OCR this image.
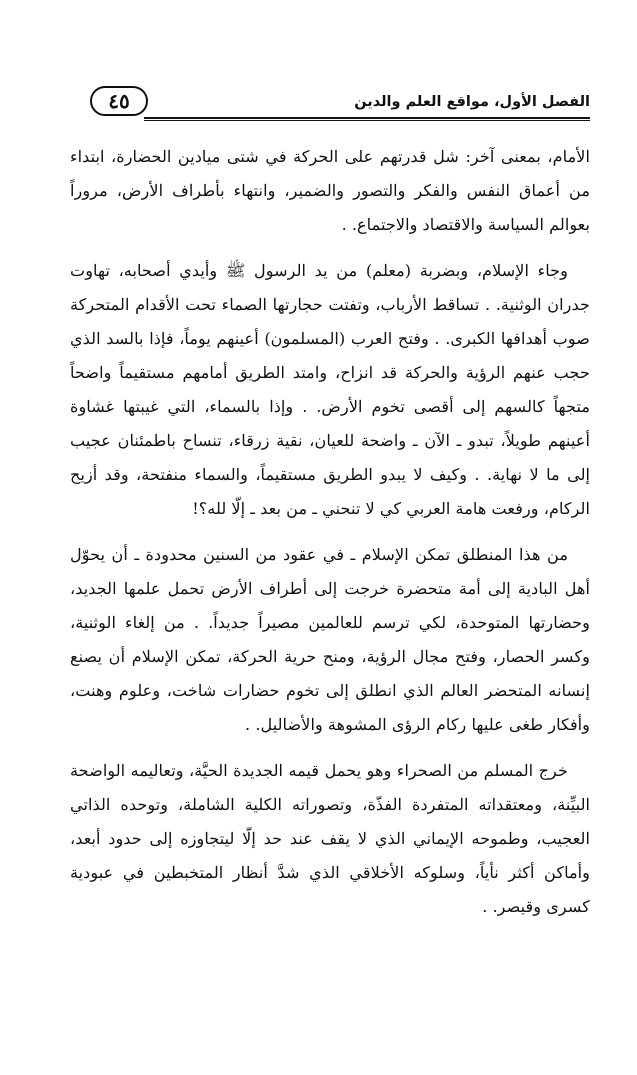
٤٥	الفصل الأول، مواقع العلم والدين

الأمام، بمعنى آخر: شل قدرتهم على الحركة في شتى ميادين الحضارة، ابتداء من أعماق النفس والفكر والتصور والضمير، وانتهاء بأطراف الأرض، مروراً بعوالم السياسة والاقتصاد والاجتماع. .

وجاء الإسلام، وبضربة (معلم) من يد الرسول ﷺ وأيدي أصحابه، تهاوت جدران الوثنية. . تساقط الأرباب، وتفتت حجارتها الصماء تحت الأقدام المتحركة صوب أهدافها الكبرى. . وفتح العرب (المسلمون) أعينهم يوماً، فإذا بالسد الذي حجب عنهم الرؤية والحركة قد انزاح، وامتد الطريق أمامهم مستقيماً واضحاً متجهاً كالسهم إلى أقصى تخوم الأرض. . وإذا بالسماء، التي غيبتها غشاوة أعينهم طويلاً، تبدو ـ الآن ـ واضحة للعيان، نقية زرقاء، تنساح باطمئنان عجيب إلى ما لا نهاية. . وكيف لا يبدو الطريق مستقيماً، والسماء منفتحة، وقد أزيح الركام، ورفعت هامة العربي كي لا تنحني ـ من بعد ـ إلّا لله؟!

من هذا المنطلق تمكن الإسلام ـ في عقود من السنين محدودة ـ أن يحوّل أهل البادية إلى أمة متحضرة خرجت إلى أطراف الأرض تحمل علمها الجديد، وحضارتها المتوحدة، لكي ترسم للعالمين مصيراً جديداً. . من إلغاء الوثنية، وكسر الحصار، وفتح مجال الرؤية، ومنح حرية الحركة، تمكن الإسلام أن يصنع إنسانه المتحضر العالم الذي انطلق إلى تخوم حضارات شاخت، وعلوم وهنت، وأفكار طغى عليها ركام الرؤى المشوهة والأضاليل. .

خرج المسلم من الصحراء وهو يحمل قيمه الجديدة الحيَّة، وتعاليمه الواضحة البيِّنة، ومعتقداته المتفردة الفذّة، وتصوراته الكلية الشاملة، وتوحده الذاتي العجيب، وطموحه الإيماني الذي لا يقف عند حد إلّا ليتجاوزه إلى حدود أبعد، وأماكن أكثر نأياً، وسلوكه الأخلاقي الذي شدَّ أنظار المتخبطين في عبودية كسرى وقيصر. .
